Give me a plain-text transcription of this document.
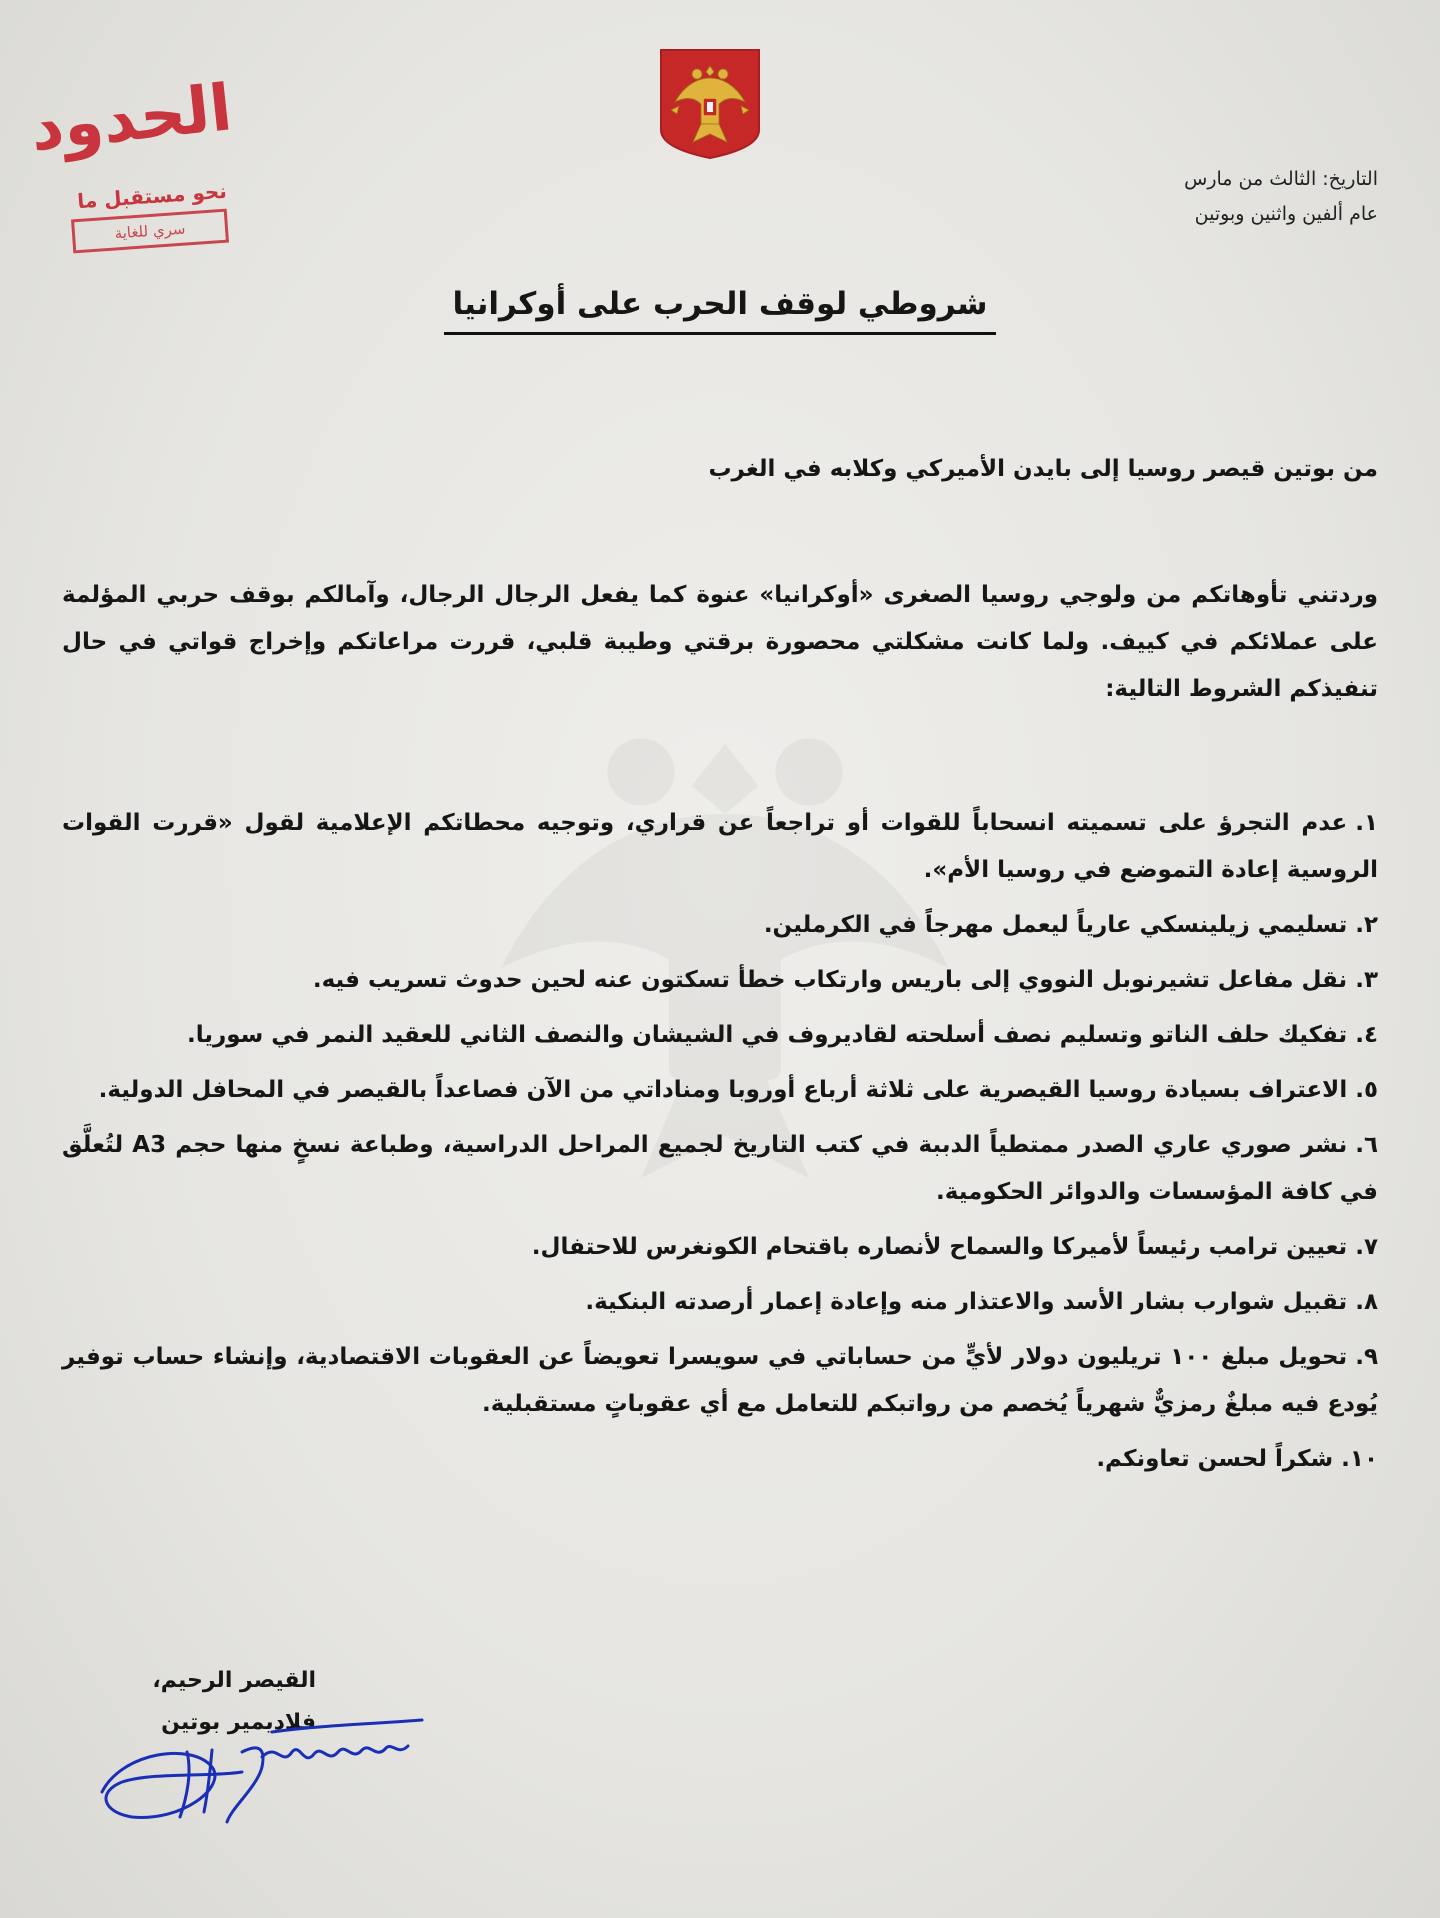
الحدود
نحو مستقبل ما
سري للغاية
التاريخ: الثالث من مارس
عام ألفين واثنين وبوتين
شروطي لوقف الحرب على أوكرانيا
من بوتين قيصر روسيا إلى بايدن الأميركي وكلابه في الغرب
وردتني تأوهاتكم من ولوجي روسيا الصغرى «أوكرانيا» عنوة كما يفعل الرجال الرجال، وآمالكم بوقف حربي المؤلمة على عملائكم في كييف. ولما كانت مشكلتي محصورة برقتي وطيبة قلبي، قررت مراعاتكم وإخراج قواتي في حال تنفيذكم الشروط التالية:
١.عدم التجرؤ على تسميته انسحاباً للقوات أو تراجعاً عن قراري، وتوجيه محطاتكم الإعلامية لقول «قررت القوات الروسية إعادة التموضع في روسيا الأم».
٢.تسليمي زيلينسكي عارياً ليعمل مهرجاً في الكرملين.
٣.نقل مفاعل تشيرنوبل النووي إلى باريس وارتكاب خطأ تسكتون عنه لحين حدوث تسريب فيه.
٤.تفكيك حلف الناتو وتسليم نصف أسلحته لقاديروف في الشيشان والنصف الثاني للعقيد النمر في سوريا.
٥.الاعتراف بسيادة روسيا القيصرية على ثلاثة أرباع أوروبا ومناداتي من الآن فصاعداً بالقيصر في المحافل الدولية.
٦.نشر صوري عاري الصدر ممتطياً الدببة في كتب التاريخ لجميع المراحل الدراسية، وطباعة نسخٍ منها حجم A3 لتُعلَّق في كافة المؤسسات والدوائر الحكومية.
٧.تعيين ترامب رئيساً لأميركا والسماح لأنصاره باقتحام الكونغرس للاحتفال.
٨.تقبيل شوارب بشار الأسد والاعتذار منه وإعادة إعمار أرصدته البنكية.
٩.تحويل مبلغ ١٠٠ تريليون دولار لأيٍّ من حساباتي في سويسرا تعويضاً عن العقوبات الاقتصادية، وإنشاء حساب توفير يُودع فيه مبلغٌ رمزيٌّ شهرياً يُخصم من رواتبكم للتعامل مع أي عقوباتٍ مستقبلية.
١٠.شكراً لحسن تعاونكم.
القيصر الرحيم،
فلاديمير بوتين
